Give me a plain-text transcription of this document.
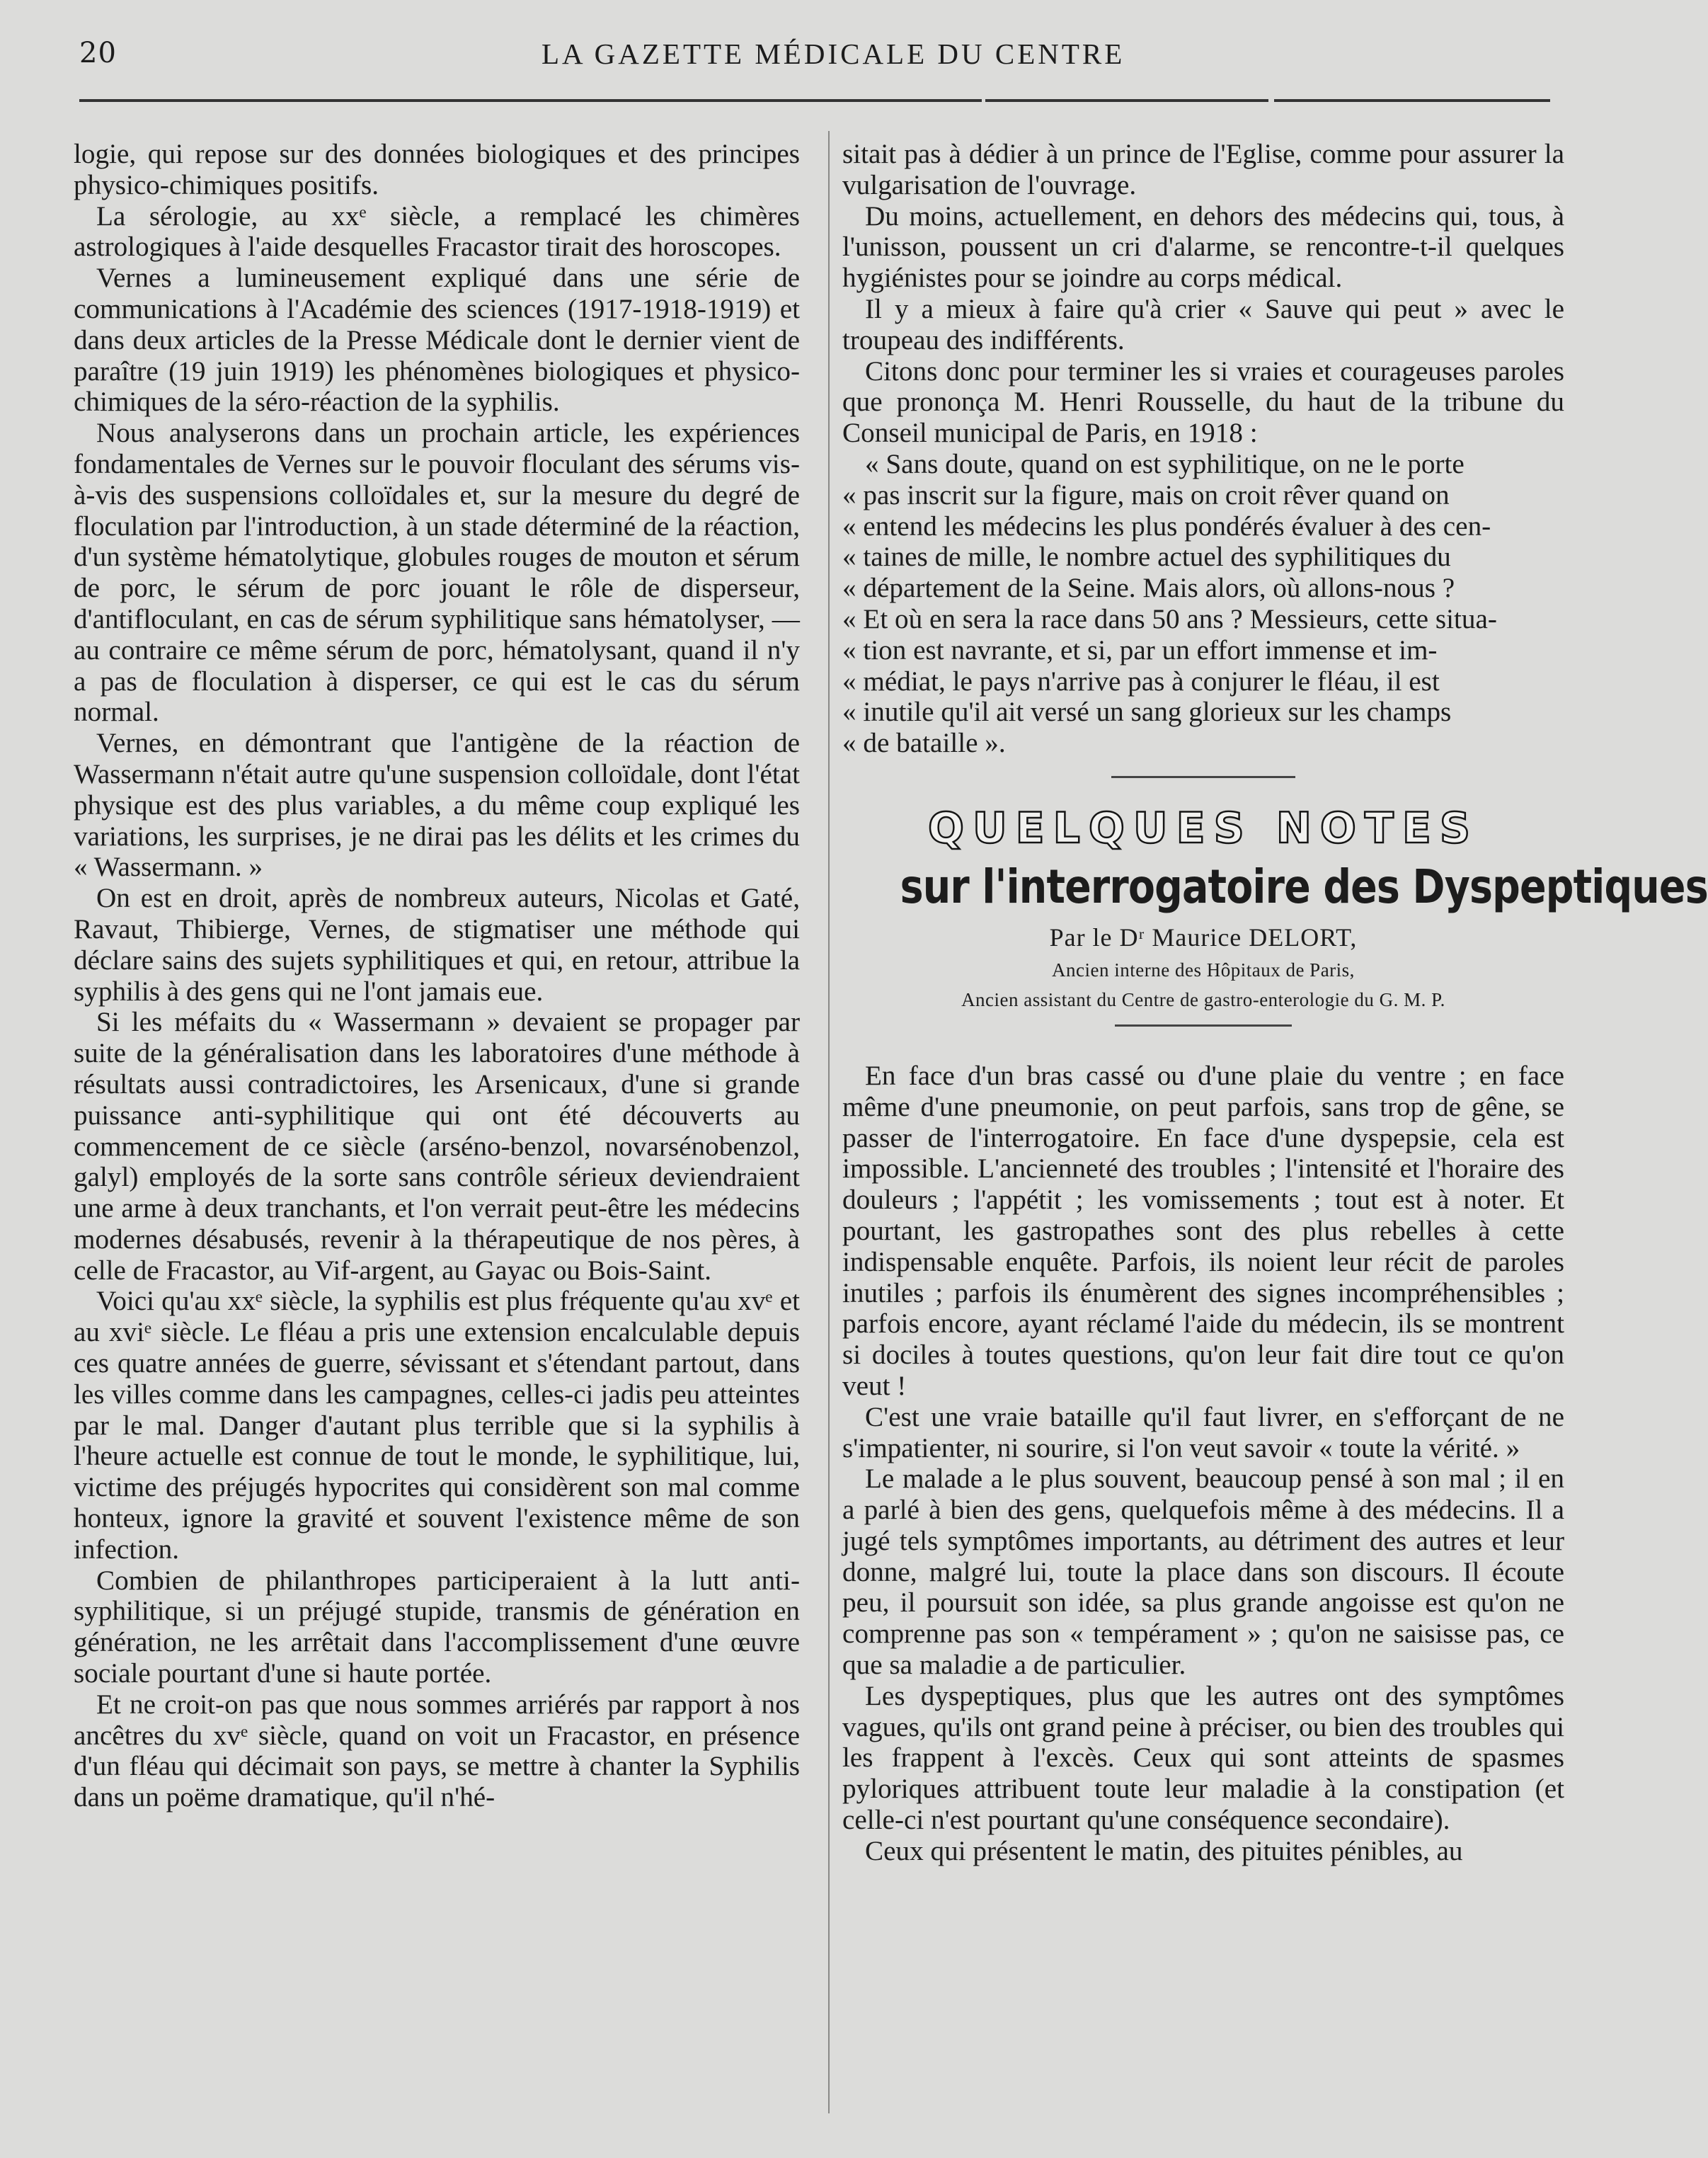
20	LA GAZETTE MÉDICALE DU CENTRE

logie, qui repose sur des données biologiques et des principes physico-chimiques positifs.

La sérologie, au xxᵉ siècle, a remplacé les chimères astrologiques à l'aide desquelles Fracastor tirait des horoscopes.

Vernes a lumineusement expliqué dans une série de communications à l'Académie des sciences (1917-1918-1919) et dans deux articles de la Presse Médicale dont le dernier vient de paraître (19 juin 1919) les phénomènes biologiques et physico-chimiques de la séro-réaction de la syphilis.

Nous analyserons dans un prochain article, les expériences fondamentales de Vernes sur le pouvoir floculant des sérums vis-à-vis des suspensions colloïdales et, sur la mesure du degré de floculation par l'introduction, à un stade déterminé de la réaction, d'un système hématolytique, globules rouges de mouton et sérum de porc, le sérum de porc jouant le rôle de disperseur, d'antifloculant, en cas de sérum syphilitique sans hématolyser, — au contraire ce même sérum de porc, hématolysant, quand il n'y a pas de floculation à disperser, ce qui est le cas du sérum normal.

Vernes, en démontrant que l'antigène de la réaction de Wassermann n'était autre qu'une suspension colloïdale, dont l'état physique est des plus variables, a du même coup expliqué les variations, les surprises, je ne dirai pas les délits et les crimes du « Wassermann. »

On est en droit, après de nombreux auteurs, Nicolas et Gaté, Ravaut, Thibierge, Vernes, de stigmatiser une méthode qui déclare sains des sujets syphilitiques et qui, en retour, attribue la syphilis à des gens qui ne l'ont jamais eue.

Si les méfaits du « Wassermann » devaient se propager par suite de la généralisation dans les laboratoires d'une méthode à résultats aussi contradictoires, les Arsenicaux, d'une si grande puissance anti-syphilitique qui ont été découverts au commencement de ce siècle (arséno-benzol, novarsénobenzol, galyl) employés de la sorte sans contrôle sérieux deviendraient une arme à deux tranchants, et l'on verrait peut-être les médecins modernes désabusés, revenir à la thérapeutique de nos pères, à celle de Fracastor, au Vif-argent, au Gayac ou Bois-Saint.

Voici qu'au xxᵉ siècle, la syphilis est plus fréquente qu'au xvᵉ et au xviᵉ siècle. Le fléau a pris une extension encalculable depuis ces quatre années de guerre, sévissant et s'étendant partout, dans les villes comme dans les campagnes, celles-ci jadis peu atteintes par le mal. Danger d'autant plus terrible que si la syphilis à l'heure actuelle est connue de tout le monde, le syphilitique, lui, victime des préjugés hypocrites qui considèrent son mal comme honteux, ignore la gravité et souvent l'existence même de son infection.

Combien de philanthropes participeraient à la lutt anti-syphilitique, si un préjugé stupide, transmis de génération en génération, ne les arrêtait dans l'accomplissement d'une œuvre sociale pourtant d'une si haute portée.

Et ne croit-on pas que nous sommes arriérés par rapport à nos ancêtres du xvᵉ siècle, quand on voit un Fracastor, en présence d'un fléau qui décimait son pays, se mettre à chanter la Syphilis dans un poëme dramatique, qu'il n'hé-

sitait pas à dédier à un prince de l'Eglise, comme pour assurer la vulgarisation de l'ouvrage.

Du moins, actuellement, en dehors des médecins qui, tous, à l'unisson, poussent un cri d'alarme, se rencontre-t-il quelques hygiénistes pour se joindre au corps médical.

Il y a mieux à faire qu'à crier « Sauve qui peut » avec le troupeau des indifférents.

Citons donc pour terminer les si vraies et courageuses paroles que prononça M. Henri Rousselle, du haut de la tribune du Conseil municipal de Paris, en 1918 :

« Sans doute, quand on est syphilitique, on ne le porte
« pas inscrit sur la figure, mais on croit rêver quand on
« entend les médecins les plus pondérés évaluer à des cen-
« taines de mille, le nombre actuel des syphilitiques du
« département de la Seine. Mais alors, où allons-nous ?
« Et où en sera la race dans 50 ans ? Messieurs, cette situa-
« tion est navrante, et si, par un effort immense et im-
« médiat, le pays n'arrive pas à conjurer le fléau, il est
« inutile qu'il ait versé un sang glorieux sur les champs
« de bataille ».
QUELQUES NOTES
sur l'interrogatoire des Dyspeptiques
Par le Dʳ Maurice DELORT,
Ancien interne des Hôpitaux de Paris,
Ancien assistant du Centre de gastro-enterologie du G. M. P.

En face d'un bras cassé ou d'une plaie du ventre ; en face même d'une pneumonie, on peut parfois, sans trop de gêne, se passer de l'interrogatoire. En face d'une dyspepsie, cela est impossible. L'ancienneté des troubles ; l'intensité et l'horaire des douleurs ; l'appétit ; les vomissements ; tout est à noter. Et pourtant, les gastropathes sont des plus rebelles à cette indispensable enquête. Parfois, ils noient leur récit de paroles inutiles ; parfois ils énumèrent des signes incompréhensibles ; parfois encore, ayant réclamé l'aide du médecin, ils se montrent si dociles à toutes questions, qu'on leur fait dire tout ce qu'on veut !

C'est une vraie bataille qu'il faut livrer, en s'efforçant de ne s'impatienter, ni sourire, si l'on veut savoir « toute la vérité. »

Le malade a le plus souvent, beaucoup pensé à son mal ; il en a parlé à bien des gens, quelquefois même à des médecins. Il a jugé tels symptômes importants, au détriment des autres et leur donne, malgré lui, toute la place dans son discours. Il écoute peu, il poursuit son idée, sa plus grande angoisse est qu'on ne comprenne pas son « tempérament » ; qu'on ne saisisse pas, ce que sa maladie a de particulier.

Les dyspeptiques, plus que les autres ont des symptômes vagues, qu'ils ont grand peine à préciser, ou bien des troubles qui les frappent à l'excès. Ceux qui sont atteints de spasmes pyloriques attribuent toute leur maladie à la constipation (et celle-ci n'est pourtant qu'une conséquence secondaire).

Ceux qui présentent le matin, des pituites pénibles, au
